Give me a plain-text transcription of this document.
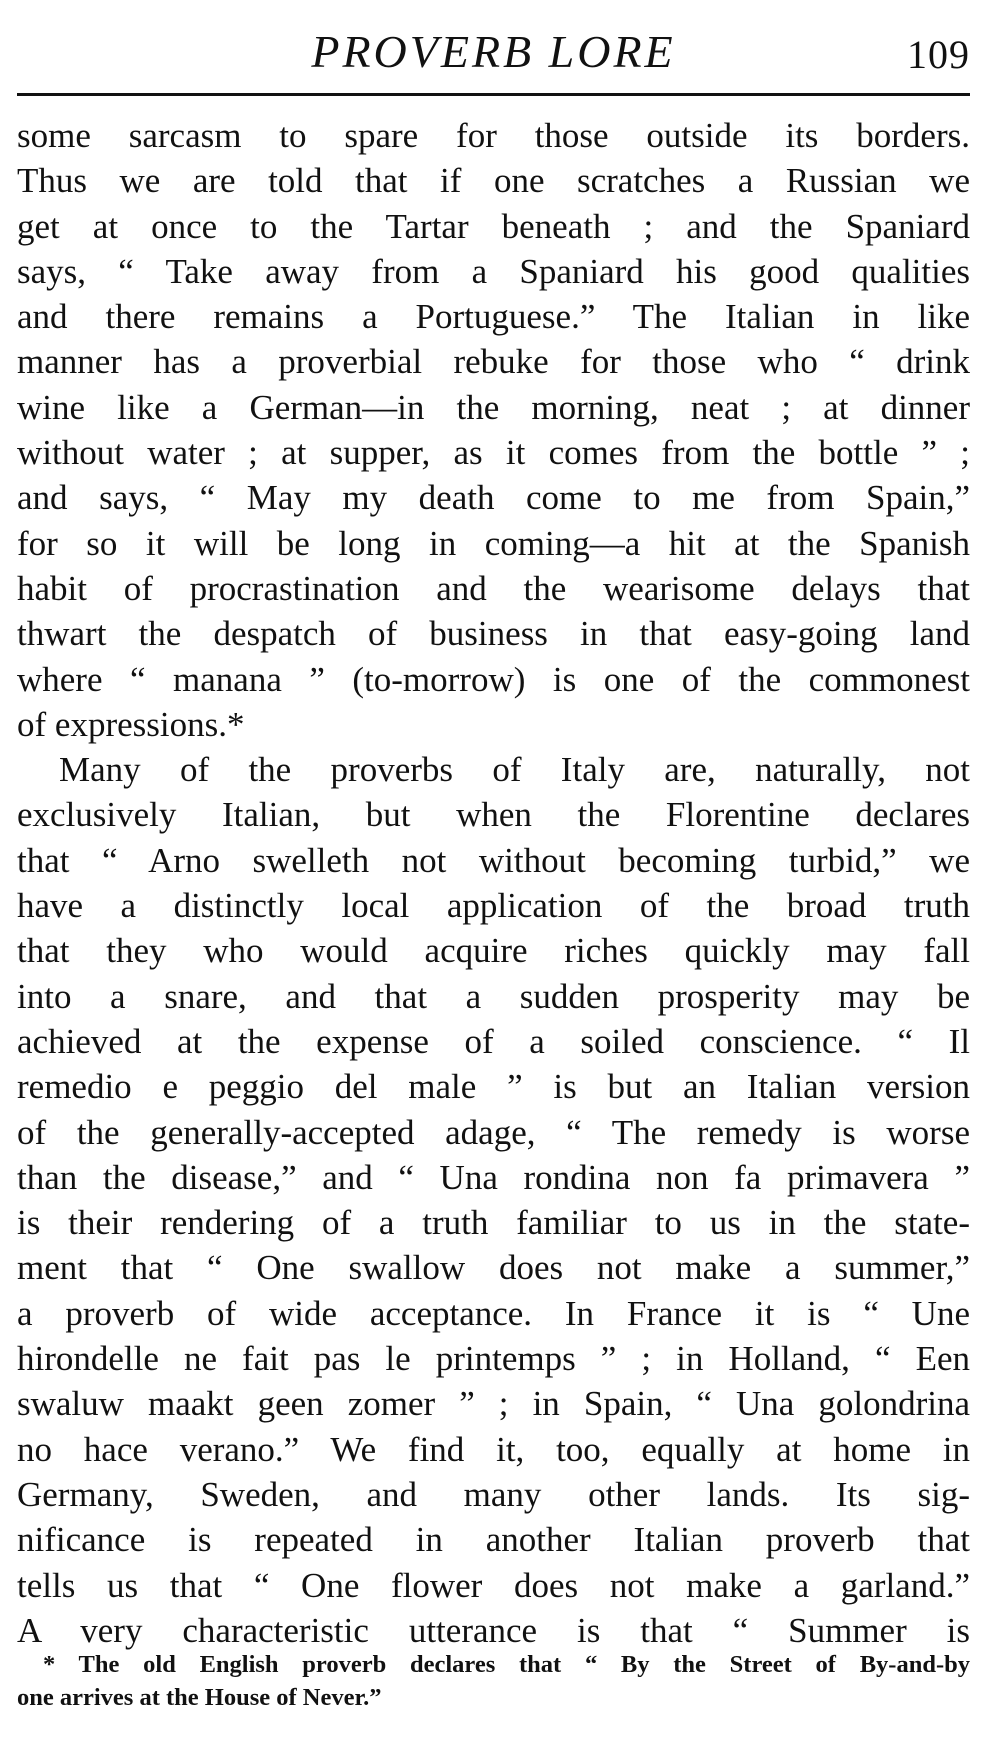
PROVERB LORE	109
some sarcasm to spare for those outside its borders.
Thus we are told that if one scratches a Russian we
get at once to the Tartar beneath ; and the Spaniard
says, “ Take away from a Spaniard his good qualities
and there remains a Portuguese.” The Italian in like
manner has a proverbial rebuke for those who “ drink
wine like a German—in the morning, neat ; at dinner
without water ; at supper, as it comes from the bottle ” ;
and says, “ May my death come to me from Spain,”
for so it will be long in coming—a hit at the Spanish
habit of procrastination and the wearisome delays that
thwart the despatch of business in that easy-going land
where “ manana ” (to-morrow) is one of the commonest
of expressions.*
Many of the proverbs of Italy are, naturally, not
exclusively Italian, but when the Florentine declares
that “ Arno swelleth not without becoming turbid,” we
have a distinctly local application of the broad truth
that they who would acquire riches quickly may fall
into a snare, and that a sudden prosperity may be
achieved at the expense of a soiled conscience. “ Il
remedio e peggio del male ” is but an Italian version
of the generally-accepted adage, “ The remedy is worse
than the disease,” and “ Una rondina non fa primavera ”
is their rendering of a truth familiar to us in the state-
ment that “ One swallow does not make a summer,”
a proverb of wide acceptance. In France it is “ Une
hirondelle ne fait pas le printemps ” ; in Holland, “ Een
swaluw maakt geen zomer ” ; in Spain, “ Una golondrina
no hace verano.” We find it, too, equally at home in
Germany, Sweden, and many other lands. Its sig-
nificance is repeated in another Italian proverb that
tells us that “ One flower does not make a garland.”
A very characteristic utterance is that “ Summer is
* The old English proverb declares that “ By the Street of By-and-by
one arrives at the House of Never.”
